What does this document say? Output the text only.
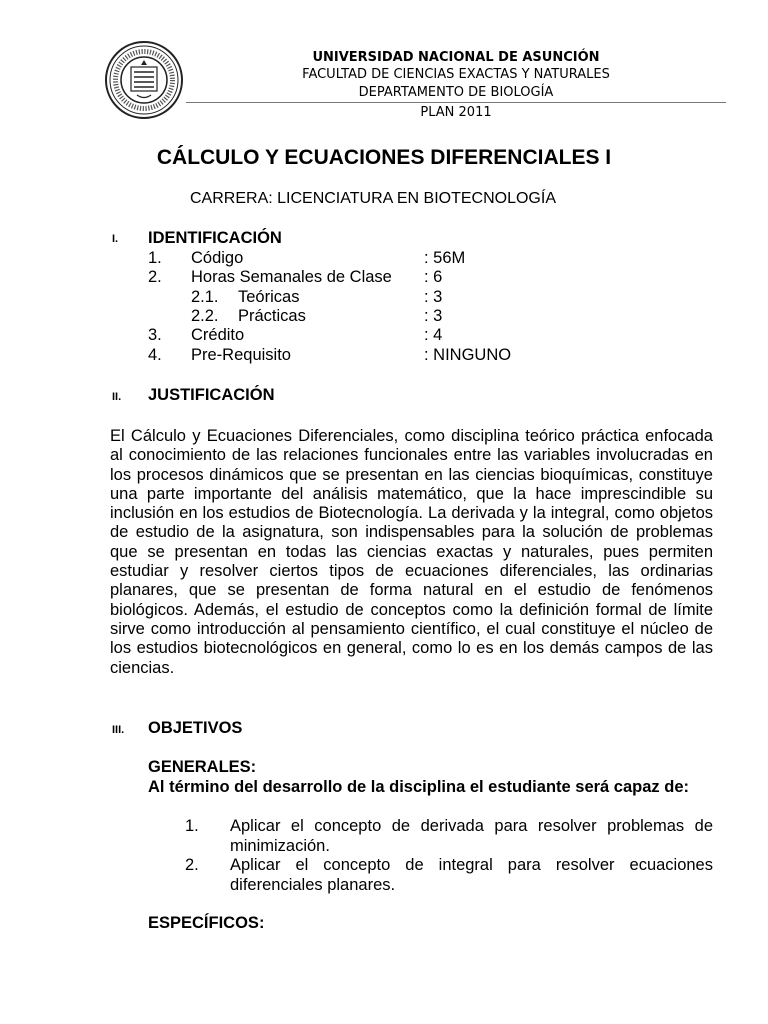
UNIVERSIDAD NACIONAL DE ASUNCIÓN
FACULTAD DE CIENCIAS EXACTAS Y NATURALES
DEPARTAMENTO DE BIOLOGÍA
PLAN 2011
CÁLCULO Y ECUACIONES DIFERENCIALES I
CARRERA: LICENCIATURA EN BIOTECNOLOGÍA
I. IDENTIFICACIÓN
1. Código	: 56M
2. Horas Semanales de Clase : 6
2.1. Teóricas	: 3
2.2. Prácticas	: 3
3. Crédito	: 4
4. Pre-Requisito	: NINGUNO
II. JUSTIFICACIÓN
El Cálculo y Ecuaciones Diferenciales, como disciplina teórico práctica enfocada al conocimiento de las relaciones funcionales entre las variables involucradas en los procesos dinámicos que se presentan en las ciencias bioquímicas, constituye una parte importante del análisis matemático, que la hace imprescindible su inclusión en los estudios de Biotecnología. La derivada y la integral, como objetos de estudio de la asignatura, son indispensables para la solución de problemas que se presentan en todas las ciencias exactas y naturales, pues permiten estudiar y resolver ciertos tipos de ecuaciones diferenciales, las ordinarias planares, que se presentan de forma natural en el estudio de fenómenos biológicos. Además, el estudio de conceptos como la definición formal de límite sirve como introducción al pensamiento científico, el cual constituye el núcleo de los estudios biotecnológicos en general, como lo es en los demás campos de las ciencias.
III. OBJETIVOS
GENERALES:
Al término del desarrollo de la disciplina el estudiante será capaz de:
1. Aplicar el concepto de derivada para resolver problemas de minimización.
2. Aplicar el concepto de integral para resolver ecuaciones diferenciales planares.
ESPECÍFICOS:
